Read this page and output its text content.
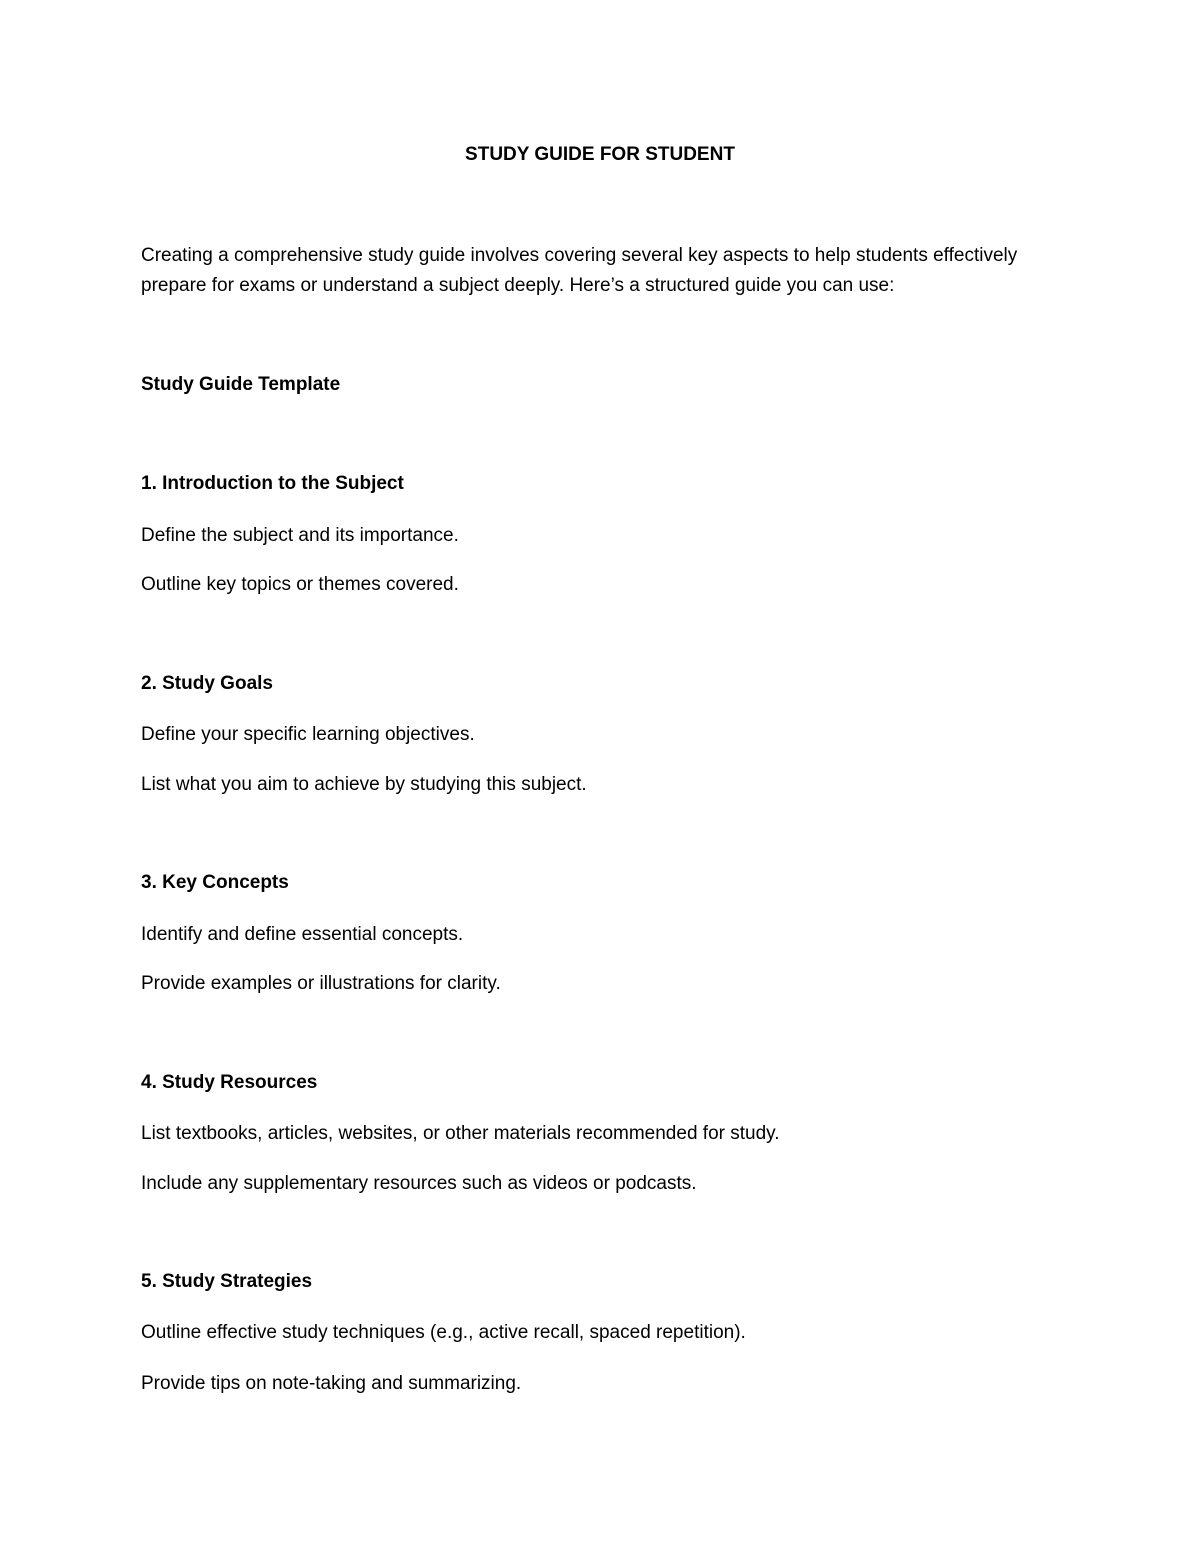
STUDY GUIDE FOR STUDENT
Creating a comprehensive study guide involves covering several key aspects to help students effectively prepare for exams or understand a subject deeply. Here’s a structured guide you can use:
Study Guide Template
1. Introduction to the Subject
Define the subject and its importance.
Outline key topics or themes covered.
2. Study Goals
Define your specific learning objectives.
List what you aim to achieve by studying this subject.
3. Key Concepts
Identify and define essential concepts.
Provide examples or illustrations for clarity.
4. Study Resources
List textbooks, articles, websites, or other materials recommended for study.
Include any supplementary resources such as videos or podcasts.
5. Study Strategies
Outline effective study techniques (e.g., active recall, spaced repetition).
Provide tips on note-taking and summarizing.
